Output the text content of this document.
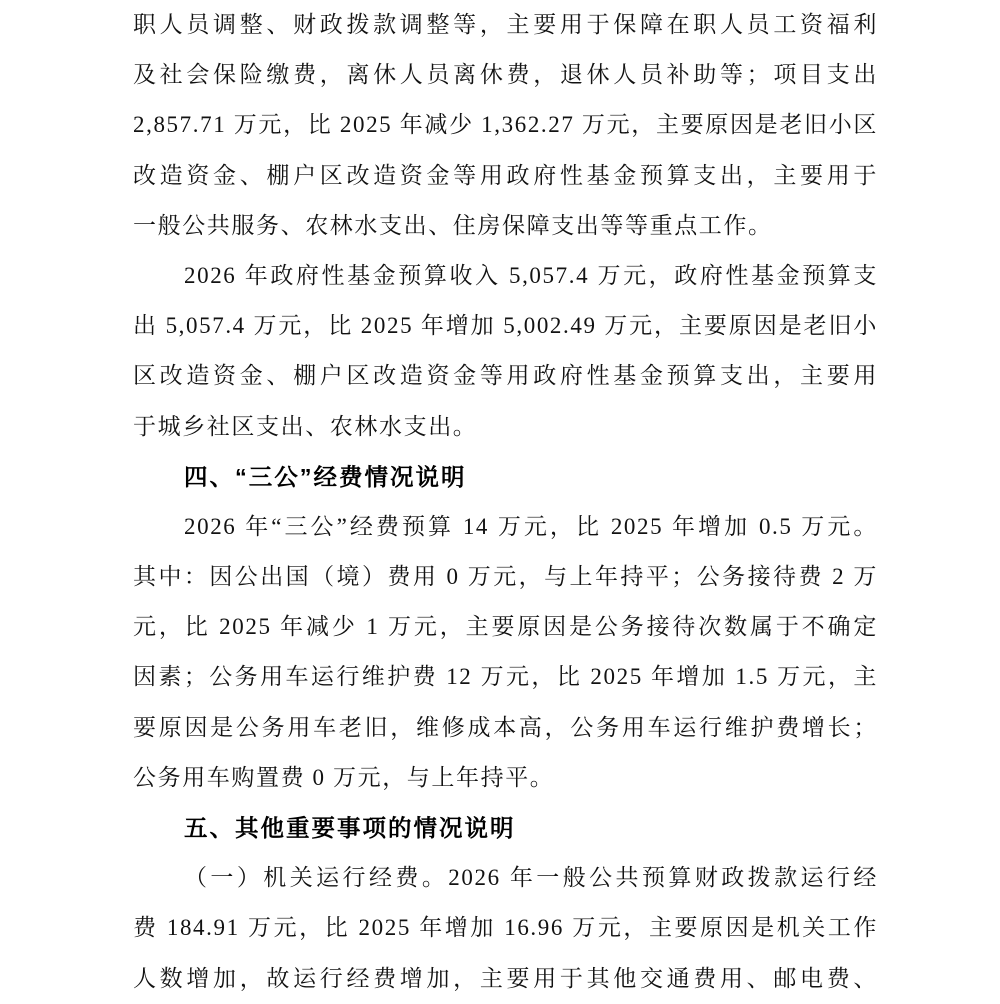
职人员调整、财政拨款调整等，主要用于保障在职人员工资福利
及社会保险缴费，离休人员离休费，退休人员补助等；项目支出
2,857.71 万元，比 2025 年减少 1,362.27 万元，主要原因是老旧小区
改造资金、棚户区改造资金等用政府性基金预算支出，主要用于
一般公共服务、农林水支出、住房保障支出等等重点工作。
2026 年政府性基金预算收入 5,057.4 万元，政府性基金预算支
出 5,057.4 万元，比 2025 年增加 5,002.49 万元，主要原因是老旧小
区改造资金、棚户区改造资金等用政府性基金预算支出，主要用
于城乡社区支出、农林水支出。
四、“三公”经费情况说明
2026 年“三公”经费预算 14 万元，比 2025 年增加 0.5 万元。
其中：因公出国（境）费用 0 万元，与上年持平；公务接待费 2 万
元，比 2025 年减少 1 万元，主要原因是公务接待次数属于不确定
因素；公务用车运行维护费 12 万元，比 2025 年增加 1.5 万元，主
要原因是公务用车老旧，维修成本高，公务用车运行维护费增长；
公务用车购置费 0 万元，与上年持平。
五、其他重要事项的情况说明
（一）机关运行经费。2026 年一般公共预算财政拨款运行经
费 184.91 万元，比 2025 年增加 16.96 万元，主要原因是机关工作
人数增加，故运行经费增加，主要用于其他交通费用、邮电费、
